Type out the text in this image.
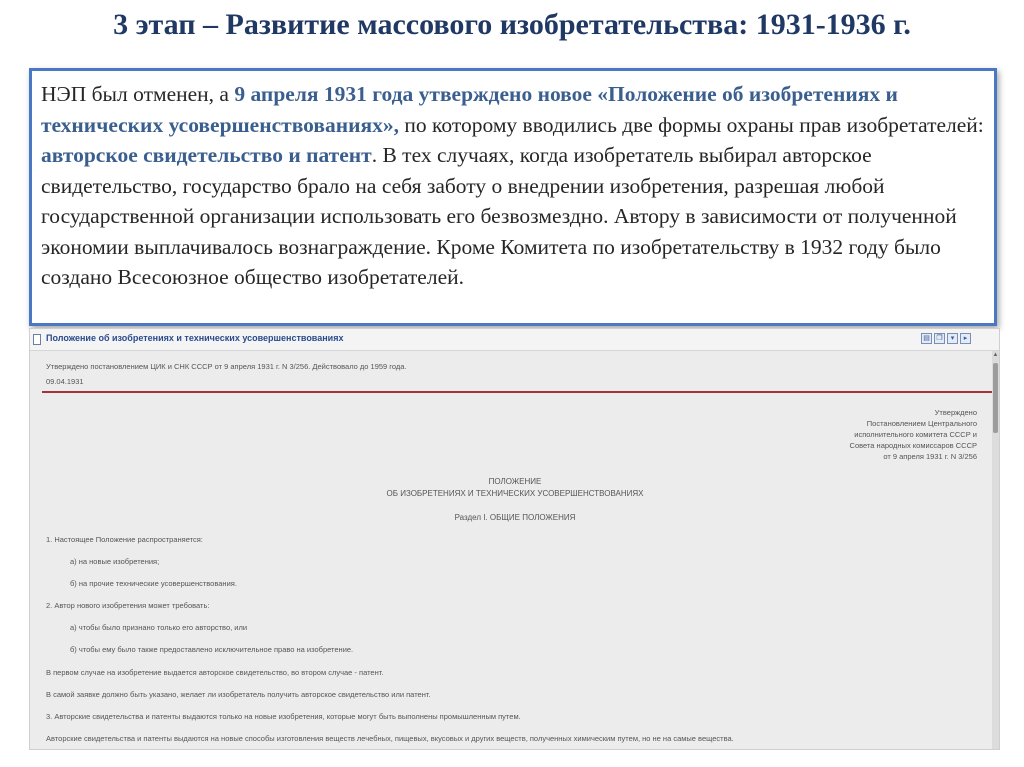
3 этап – Развитие массового изобретательства: 1931-1936 г.
НЭП был отменен, а 9 апреля 1931 года утверждено новое «Положение об изобретениях и технических усовершенствованиях», по которому вводились две формы охраны прав изобретателей: авторское свидетельство и патент. В тех случаях, когда изобретатель выбирал авторское свидетельство, государство брало на себя заботу о внедрении изобретения, разрешая любой государственной организации использовать его безвозмездно. Автору в зависимости от полученной экономии выплачивалось вознаграждение. Кроме Комитета по изобретательству в 1932 году было создано Всесоюзное общество изобретателей.
Положение об изобретениях и технических усовершенствованиях	▤ ❐	▾	▸
Утверждено постановлением ЦИК и СНК СССР от 9 апреля 1931 г. N 3/256. Действовало до 1959 года.
09.04.1931
Утверждено
Постановлением Центрального
исполнительного комитета СССР и
Совета народных комиссаров СССР
от 9 апреля 1931 г. N 3/256
ПОЛОЖЕНИЕ
ОБ ИЗОБРЕТЕНИЯХ И ТЕХНИЧЕСКИХ УСОВЕРШЕНСТВОВАНИЯХ
Раздел I. ОБЩИЕ ПОЛОЖЕНИЯ
1. Настоящее Положение распространяется:
а) на новые изобретения;
б) на прочие технические усовершенствования.
2. Автор нового изобретения может требовать:
а) чтобы было признано только его авторство, или
б) чтобы ему было также предоставлено исключительное право на изобретение.
В первом случае на изобретение выдается авторское свидетельство, во втором случае - патент.
В самой заявке должно быть указано, желает ли изобретатель получить авторское свидетельство или патент.
3. Авторские свидетельства и патенты выдаются только на новые изобретения, которые могут быть выполнены промышленным путем.
Авторские свидетельства и патенты выдаются на новые способы изготовления веществ лечебных, пищевых, вкусовых и других веществ, полученных химическим путем, но не на самые вещества.
▲
